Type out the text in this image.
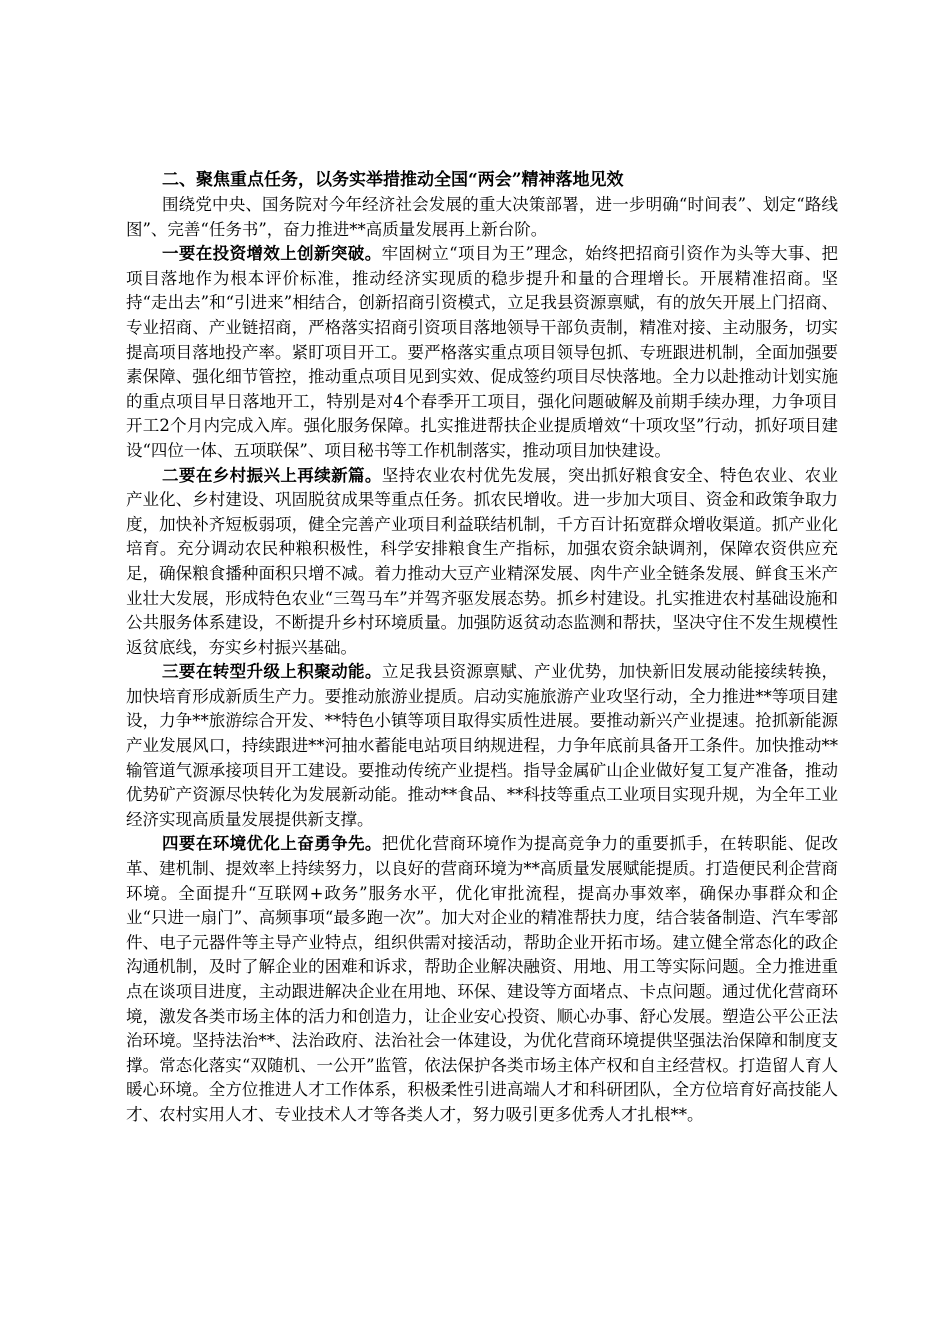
二、聚焦重点任务，以务实举措推动全国“两会”精神落地见效

围绕党中央、国务院对今年经济社会发展的重大决策部署，进一步明确“时间表”、划定“路线图”、完善“任务书”，奋力推进**高质量发展再上新台阶。

一要在投资增效上创新突破。牢固树立“项目为王”理念，始终把招商引资作为头等大事、把项目落地作为根本评价标准，推动经济实现质的稳步提升和量的合理增长。开展精准招商。坚持“走出去”和“引进来”相结合，创新招商引资模式，立足我县资源禀赋，有的放矢开展上门招商、专业招商、产业链招商，严格落实招商引资项目落地领导干部负责制，精准对接、主动服务，切实提高项目落地投产率。紧盯项目开工。要严格落实重点项目领导包抓、专班跟进机制，全面加强要素保障、强化细节管控，推动重点项目见到实效、促成签约项目尽快落地。全力以赴推动计划实施的重点项目早日落地开工，特别是对4个春季开工项目，强化问题破解及前期手续办理，力争项目开工2个月内完成入库。强化服务保障。扎实推进帮扶企业提质增效“十项攻坚”行动，抓好项目建设“四位一体、五项联保”、项目秘书等工作机制落实，推动项目加快建设。

二要在乡村振兴上再续新篇。坚持农业农村优先发展，突出抓好粮食安全、特色农业、农业产业化、乡村建设、巩固脱贫成果等重点任务。抓农民增收。进一步加大项目、资金和政策争取力度，加快补齐短板弱项，健全完善产业项目利益联结机制，千方百计拓宽群众增收渠道。抓产业化培育。充分调动农民种粮积极性，科学安排粮食生产指标，加强农资余缺调剂，保障农资供应充足，确保粮食播种面积只增不减。着力推动大豆产业精深发展、肉牛产业全链条发展、鲜食玉米产业壮大发展，形成特色农业“三驾马车”并驾齐驱发展态势。抓乡村建设。扎实推进农村基础设施和公共服务体系建设，不断提升乡村环境质量。加强防返贫动态监测和帮扶，坚决守住不发生规模性返贫底线，夯实乡村振兴基础。

三要在转型升级上积聚动能。立足我县资源禀赋、产业优势，加快新旧发展动能接续转换，加快培育形成新质生产力。要推动旅游业提质。启动实施旅游产业攻坚行动，全力推进**等项目建设，力争**旅游综合开发、**特色小镇等项目取得实质性进展。要推动新兴产业提速。抢抓新能源产业发展风口，持续跟进**河抽水蓄能电站项目纳规进程，力争年底前具备开工条件。加快推动**输管道气源承接项目开工建设。要推动传统产业提档。指导金属矿山企业做好复工复产准备，推动优势矿产资源尽快转化为发展新动能。推动**食品、**科技等重点工业项目实现升规，为全年工业经济实现高质量发展提供新支撑。

四要在环境优化上奋勇争先。把优化营商环境作为提高竞争力的重要抓手，在转职能、促改革、建机制、提效率上持续努力，以良好的营商环境为**高质量发展赋能提质。打造便民利企营商环境。全面提升“互联网+政务”服务水平，优化审批流程，提高办事效率，确保办事群众和企业“只进一扇门”、高频事项“最多跑一次”。加大对企业的精准帮扶力度，结合装备制造、汽车零部件、电子元器件等主导产业特点，组织供需对接活动，帮助企业开拓市场。建立健全常态化的政企沟通机制，及时了解企业的困难和诉求，帮助企业解决融资、用地、用工等实际问题。全力推进重点在谈项目进度，主动跟进解决企业在用地、环保、建设等方面堵点、卡点问题。通过优化营商环境，激发各类市场主体的活力和创造力，让企业安心投资、顺心办事、舒心发展。塑造公平公正法治环境。坚持法治**、法治政府、法治社会一体建设，为优化营商环境提供坚强法治保障和制度支撑。常态化落实“双随机、一公开”监管，依法保护各类市场主体产权和自主经营权。打造留人育人暖心环境。全方位推进人才工作体系，积极柔性引进高端人才和科研团队，全方位培育好高技能人才、农村实用人才、专业技术人才等各类人才，努力吸引更多优秀人才扎根**。
